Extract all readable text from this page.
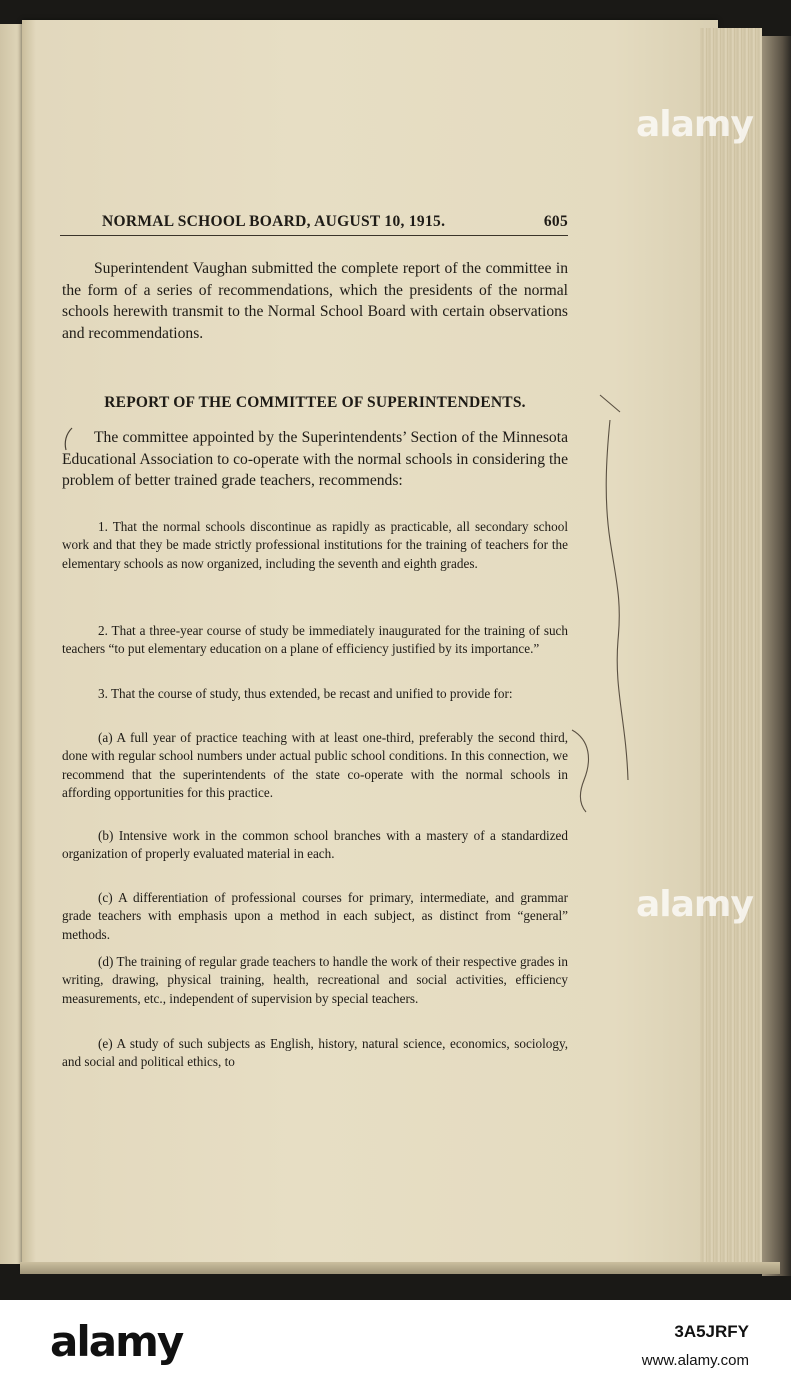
NORMAL SCHOOL BOARD, AUGUST 10, 1915.	605

Superintendent Vaughan submitted the complete report of the committee in the form of a series of recommendations, which the presidents of the normal schools herewith transmit to the Normal School Board with certain observations and recommendations.

REPORT OF THE COMMITTEE OF SUPERINTENDENTS.

The committee appointed by the Superintendents’ Section of the Minnesota Educational Association to co-operate with the normal schools in considering the problem of better trained grade teachers, recommends:

1. That the normal schools discontinue as rapidly as practicable, all secondary school work and that they be made strictly professional institutions for the training of teachers for the elementary schools as now organized, including the seventh and eighth grades.

2. That a three-year course of study be immediately inaugurated for the training of such teachers “to put elementary education on a plane of efficiency justified by its importance.”

3. That the course of study, thus extended, be recast and unified to provide for:

(a) A full year of practice teaching with at least one-third, preferably the second third, done with regular school numbers under actual public school conditions. In this connection, we recommend that the superintendents of the state co-operate with the normal schools in affording opportunities for this practice.

(b) Intensive work in the common school branches with a mastery of a standardized organization of properly evaluated material in each.

(c) A differentiation of professional courses for primary, intermediate, and grammar grade teachers with emphasis upon a method in each subject, as distinct from “general” methods.

(d) The training of regular grade teachers to handle the work of their respective grades in writing, drawing, physical training, health, recreational and social activities, efficiency measurements, etc., independent of supervision by special teachers.

(e) A study of such subjects as English, history, natural science, economics, sociology, and social and political ethics, to

alamy
alamy
alamy	3A5JRFY
www.alamy.com
